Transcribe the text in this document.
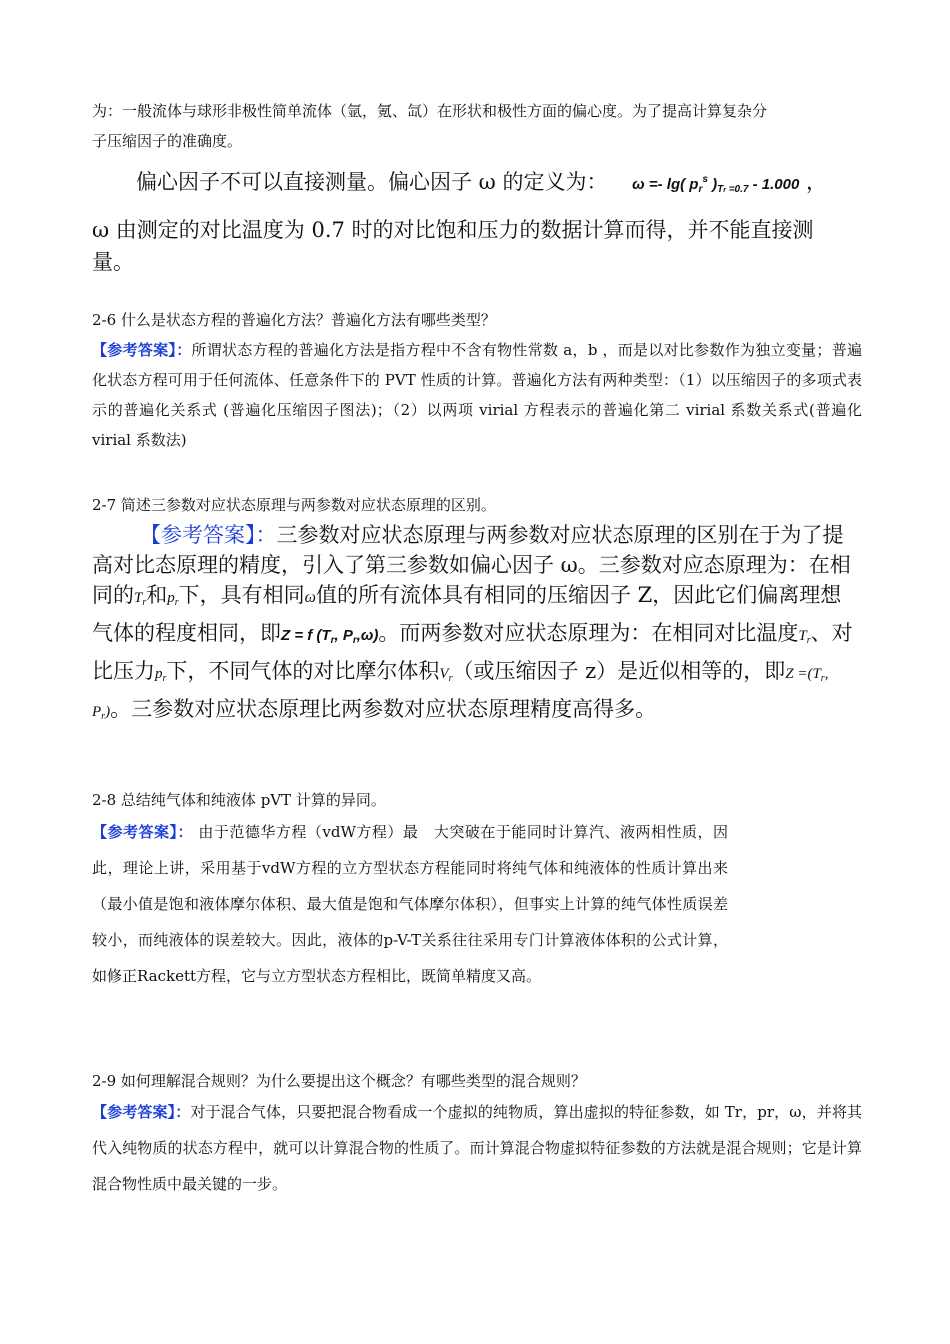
为：一般流体与球形非极性简单流体（氩，氪、氙）在形状和极性方面的偏心度。为了提高计算复杂分
子压缩因子的准确度。

偏心因子不可以直接测量。偏心因子 ω 的定义为： ω =- lg( $p_r^s$ )$_{Tr =0.7} - 1.000$ ，

ω 由测定的对比温度为 0.7 时的对比饱和压力的数据计算而得，并不能直接测
量。

2-6 什么是状态方程的普遍化方法？普遍化方法有哪些类型？

【参考答案】：所谓状态方程的普遍化方法是指方程中不含有物性常数 a，b ，而是以对比参数作为独立变量；普遍化状态方程可用于任何流体、任意条件下的 PVT 性质的计算。普遍化方法有两种类型：（1）以压缩因子的多项式表示的普遍化关系式 (普遍化压缩因子图法)；（2）以两项 virial 方程表示的普遍化第二 virial 系数关系式(普遍化 virial 系数法)

2-7 简述三参数对应状态原理与两参数对应状态原理的区别。

【参考答案】：三参数对应状态原理与两参数对应状态原理的区别在于为了提高对比态原理的精度，引入了第三参数如偏心因子 ω。三参数对应态原理为：在相同的$T_r$和$p_r$下，具有相同ω值的所有流体具有相同的压缩因子 Z，因此它们偏离理想气体的程度相同，即Z = f ($T_r$, $P_r,\omega$)。而两参数对应状态原理为：在相同对比温度$T_r$、对比压力$p_r$下，不同气体的对比摩尔体积$V_r$（或压缩因子 z）是近似相等的，即$Z =(T_r$, $P_r$)。三参数对应状态原理比两参数对应状态原理精度高得多。

2-8 总结纯气体和纯液体 pVT 计算的异同。

【参考答案】： 由于范德华方程（vdW方程）最　大突破在于能同时计算汽、液两相性质，因此，理论上讲，采用基于vdW方程的立方型状态方程能同时将纯气体和纯液体的性质计算出来（最小值是饱和液体摩尔体积、最大值是饱和气体摩尔体积），但事实上计算的纯气体性质误差较小，而纯液体的误差较大。因此，液体的p-V-T关系往往采用专门计算液体体积的公式计算，如修正Rackett方程，它与立方型状态方程相比，既简单精度又高。

2-9 如何理解混合规则？为什么要提出这个概念？有哪些类型的混合规则？

【参考答案】：对于混合气体，只要把混合物看成一个虚拟的纯物质，算出虚拟的特征参数，如 Tr，pr，ω，并将其代入纯物质的状态方程中，就可以计算混合物的性质了。而计算混合物虚拟特征参数的方法就是混合规则；它是计算混合物性质中最关键的一步。
